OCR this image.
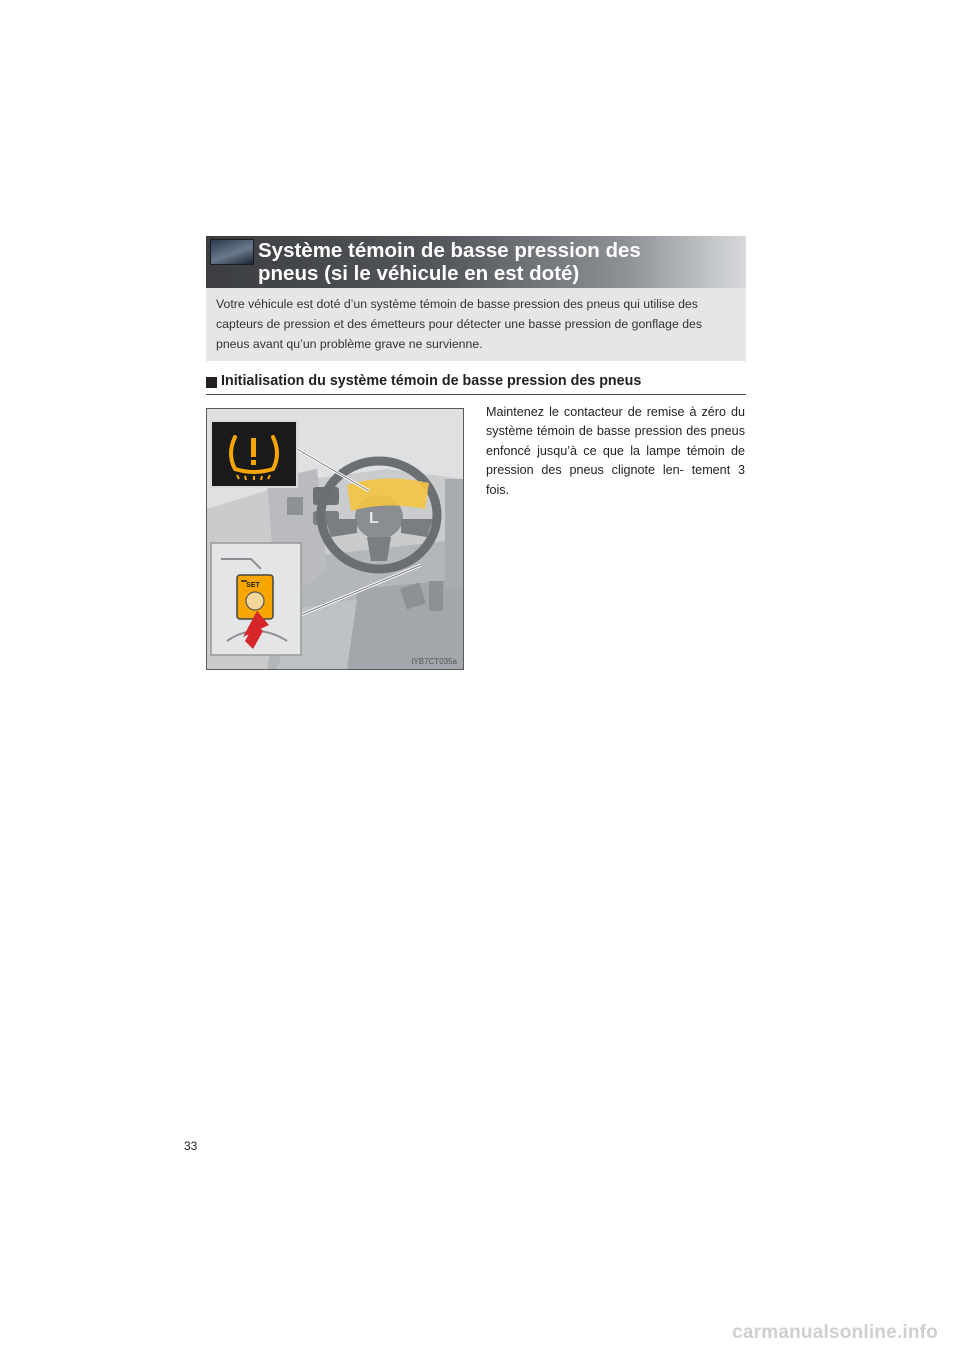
Système témoin de basse pression des
pneus (si le véhicule en est doté)

Votre véhicule est doté d’un système témoin de basse pression des pneus qui utilise des
capteurs de pression et des émetteurs pour détecter une basse pression de gonflage des
pneus avant qu’un problème grave ne survienne.

Initialisation du système témoin de basse pression des pneus

L
SET
IYB7CT035a

Maintenez le contacteur de remise à zéro du système témoin de basse pression des pneus enfoncé jusqu’à ce que la lampe témoin de pression des pneus clignote len- tement 3 fois.

33

carmanualsonline.info
